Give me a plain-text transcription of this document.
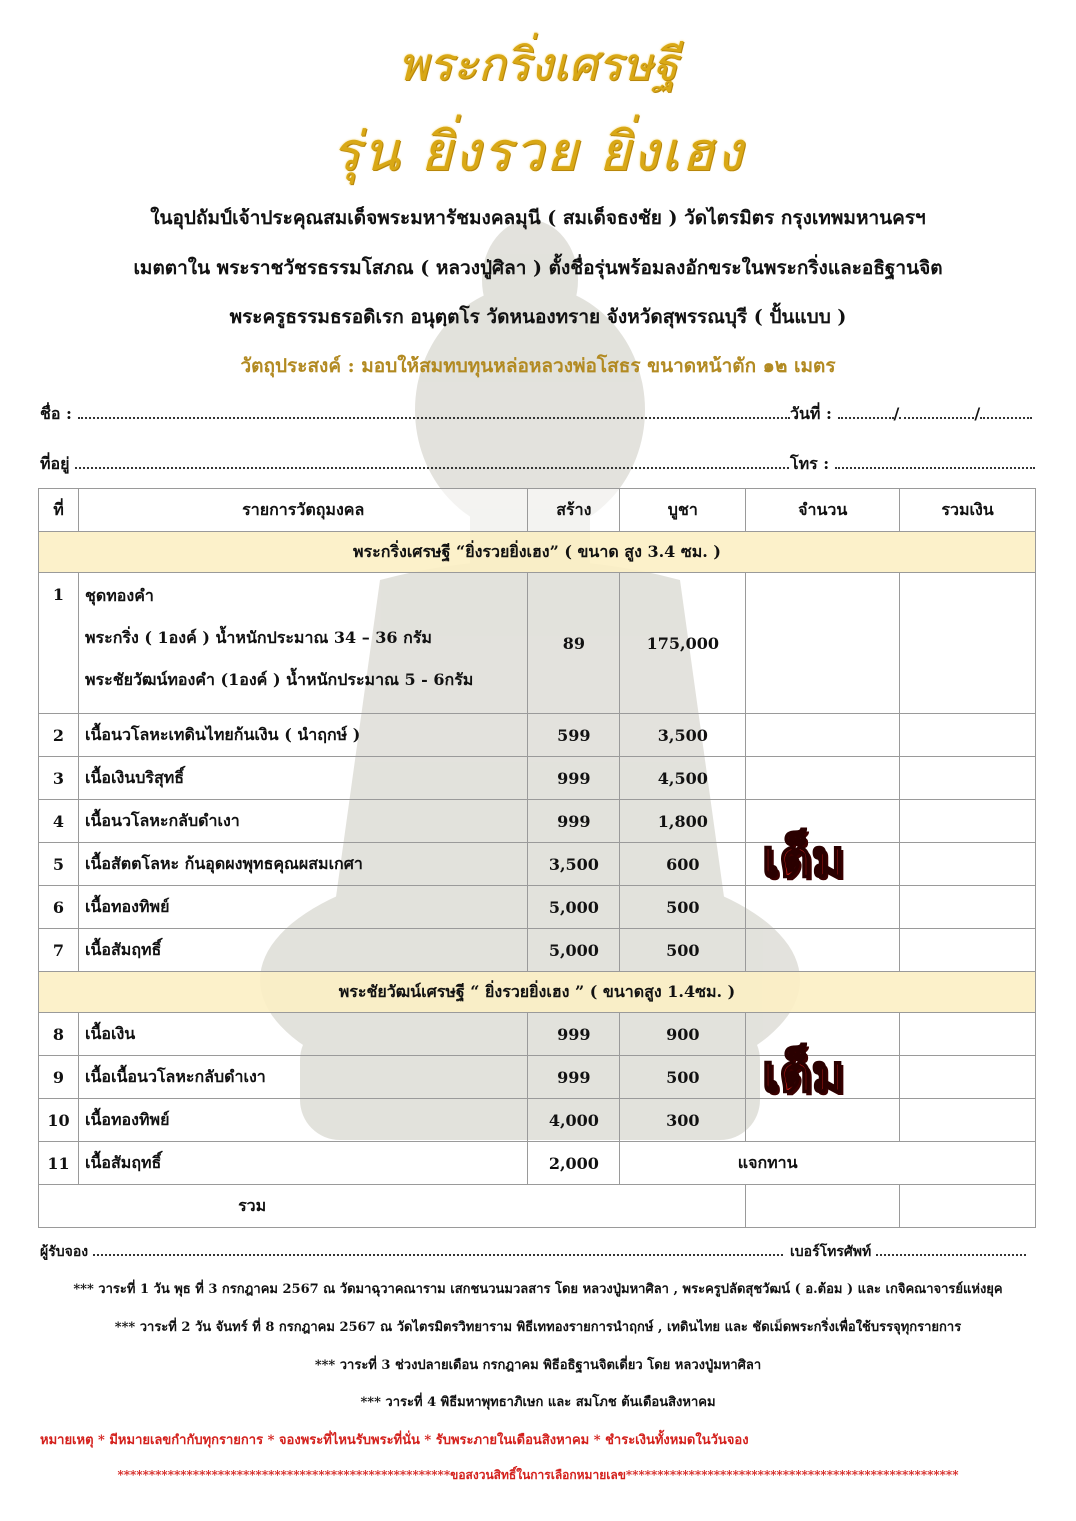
พระกริ่งเศรษฐี
รุ่น ยิ่งรวย ยิ่งเฮง
ในอุปถัมป์เจ้าประคุณสมเด็จพระมหารัชมงคลมุนี ( สมเด็จธงชัย ) วัดไตรมิตร กรุงเทพมหานครฯ
เมตตาใน พระราชวัชรธรรมโสภณ ( หลวงปู่ศิลา ) ตั้งชื่อรุ่นพร้อมลงอักขระในพระกริ่งและอธิฐานจิต
พระครูธรรมธรอดิเรก อนุตฺตโร วัดหนองทราย จังหวัดสุพรรณบุรี ( ปั้นแบบ )
วัตถุประสงค์ : มอบให้สมทบทุนหล่อหลวงพ่อโสธร ขนาดหน้าตัก ๑๒ เมตร
ชื่อ :	วันที่ :	/	/
ที่อยู่	โทร :
ที่	รายการวัตถุมงคล	สร้าง	บูชา	จำนวน	รวมเงิน
พระกริ่งเศรษฐี “ยิ่งรวยยิ่งเฮง” ( ขนาด สูง 3.4 ซม. )					
1	ชุดทองคำ
พระกริ่ง ( 1องค์ ) น้ำหนักประมาณ 34 – 36 กรัม
พระชัยวัฒน์ทองคำ (1องค์ ) น้ำหนักประมาณ 5 - 6กรัม	89	175,000		
2	เนื้อนวโลหะเทดินไทยก้นเงิน ( นำฤกษ์ )	599	3,500		
3	เนื้อเงินบริสุทธิ์	999	4,500		
4	เนื้อนวโลหะกลับดำเงา	999	1,800		
5	เนื้อสัตตโลหะ ก้นอุดผงพุทธคุณผสมเกศา	3,500	600		
6	เนื้อทองทิพย์	5,000	500		
7	เนื้อสัมฤทธิ์	5,000	500		
พระชัยวัฒน์เศรษฐี “ ยิ่งรวยยิ่งเฮง ” ( ขนาดสูง 1.4ซม. )					
8	เนื้อเงิน	999	900		
9	เนื้อเนื้อนวโลหะกลับดำเงา	999	500		
10	เนื้อทองทิพย์	4,000	300		
11	เนื้อสัมฤทธิ์	2,000	แจกทาน		
รวม					
เต็ม
เต็ม
ผู้รับจอง	เบอร์โทรศัพท์
*** วาระที่ 1 วัน พุธ ที่ 3 กรกฎาคม 2567 ณ วัดมาฉุวาคณาราม เสกชนวนมวลสาร โดย หลวงปู่มหาศิลา , พระครูปลัดสุชวัฒน์ ( อ.ต้อม ) และ เกจิคณาจารย์แห่งยุค
*** วาระที่ 2 วัน จันทร์ ที่ 8 กรกฎาคม 2567 ณ วัดไตรมิตรวิทยาราม พิธีเททองรายการนำฤกษ์ , เทดินไทย และ ชัดเม็ดพระกริ่งเพื่อใช้บรรจุทุกรายการ
*** วาระที่ 3 ช่วงปลายเดือน กรกฎาคม พิธีอธิฐานจิตเดี่ยว โดย หลวงปู่มหาศิลา
*** วาระที่ 4 พิธีมหาพุทธาภิเษก และ สมโภช ต้นเดือนสิงหาคม
หมายเหตุ * มีหมายเลขกำกับทุกรายการ * จองพระที่ไหนรับพระที่นั่น * รับพระภายในเดือนสิงหาคม * ชำระเงินทั้งหมดในวันจอง
*****************************************************ขอสงวนสิทธิ์ในการเลือกหมายเลข*****************************************************
